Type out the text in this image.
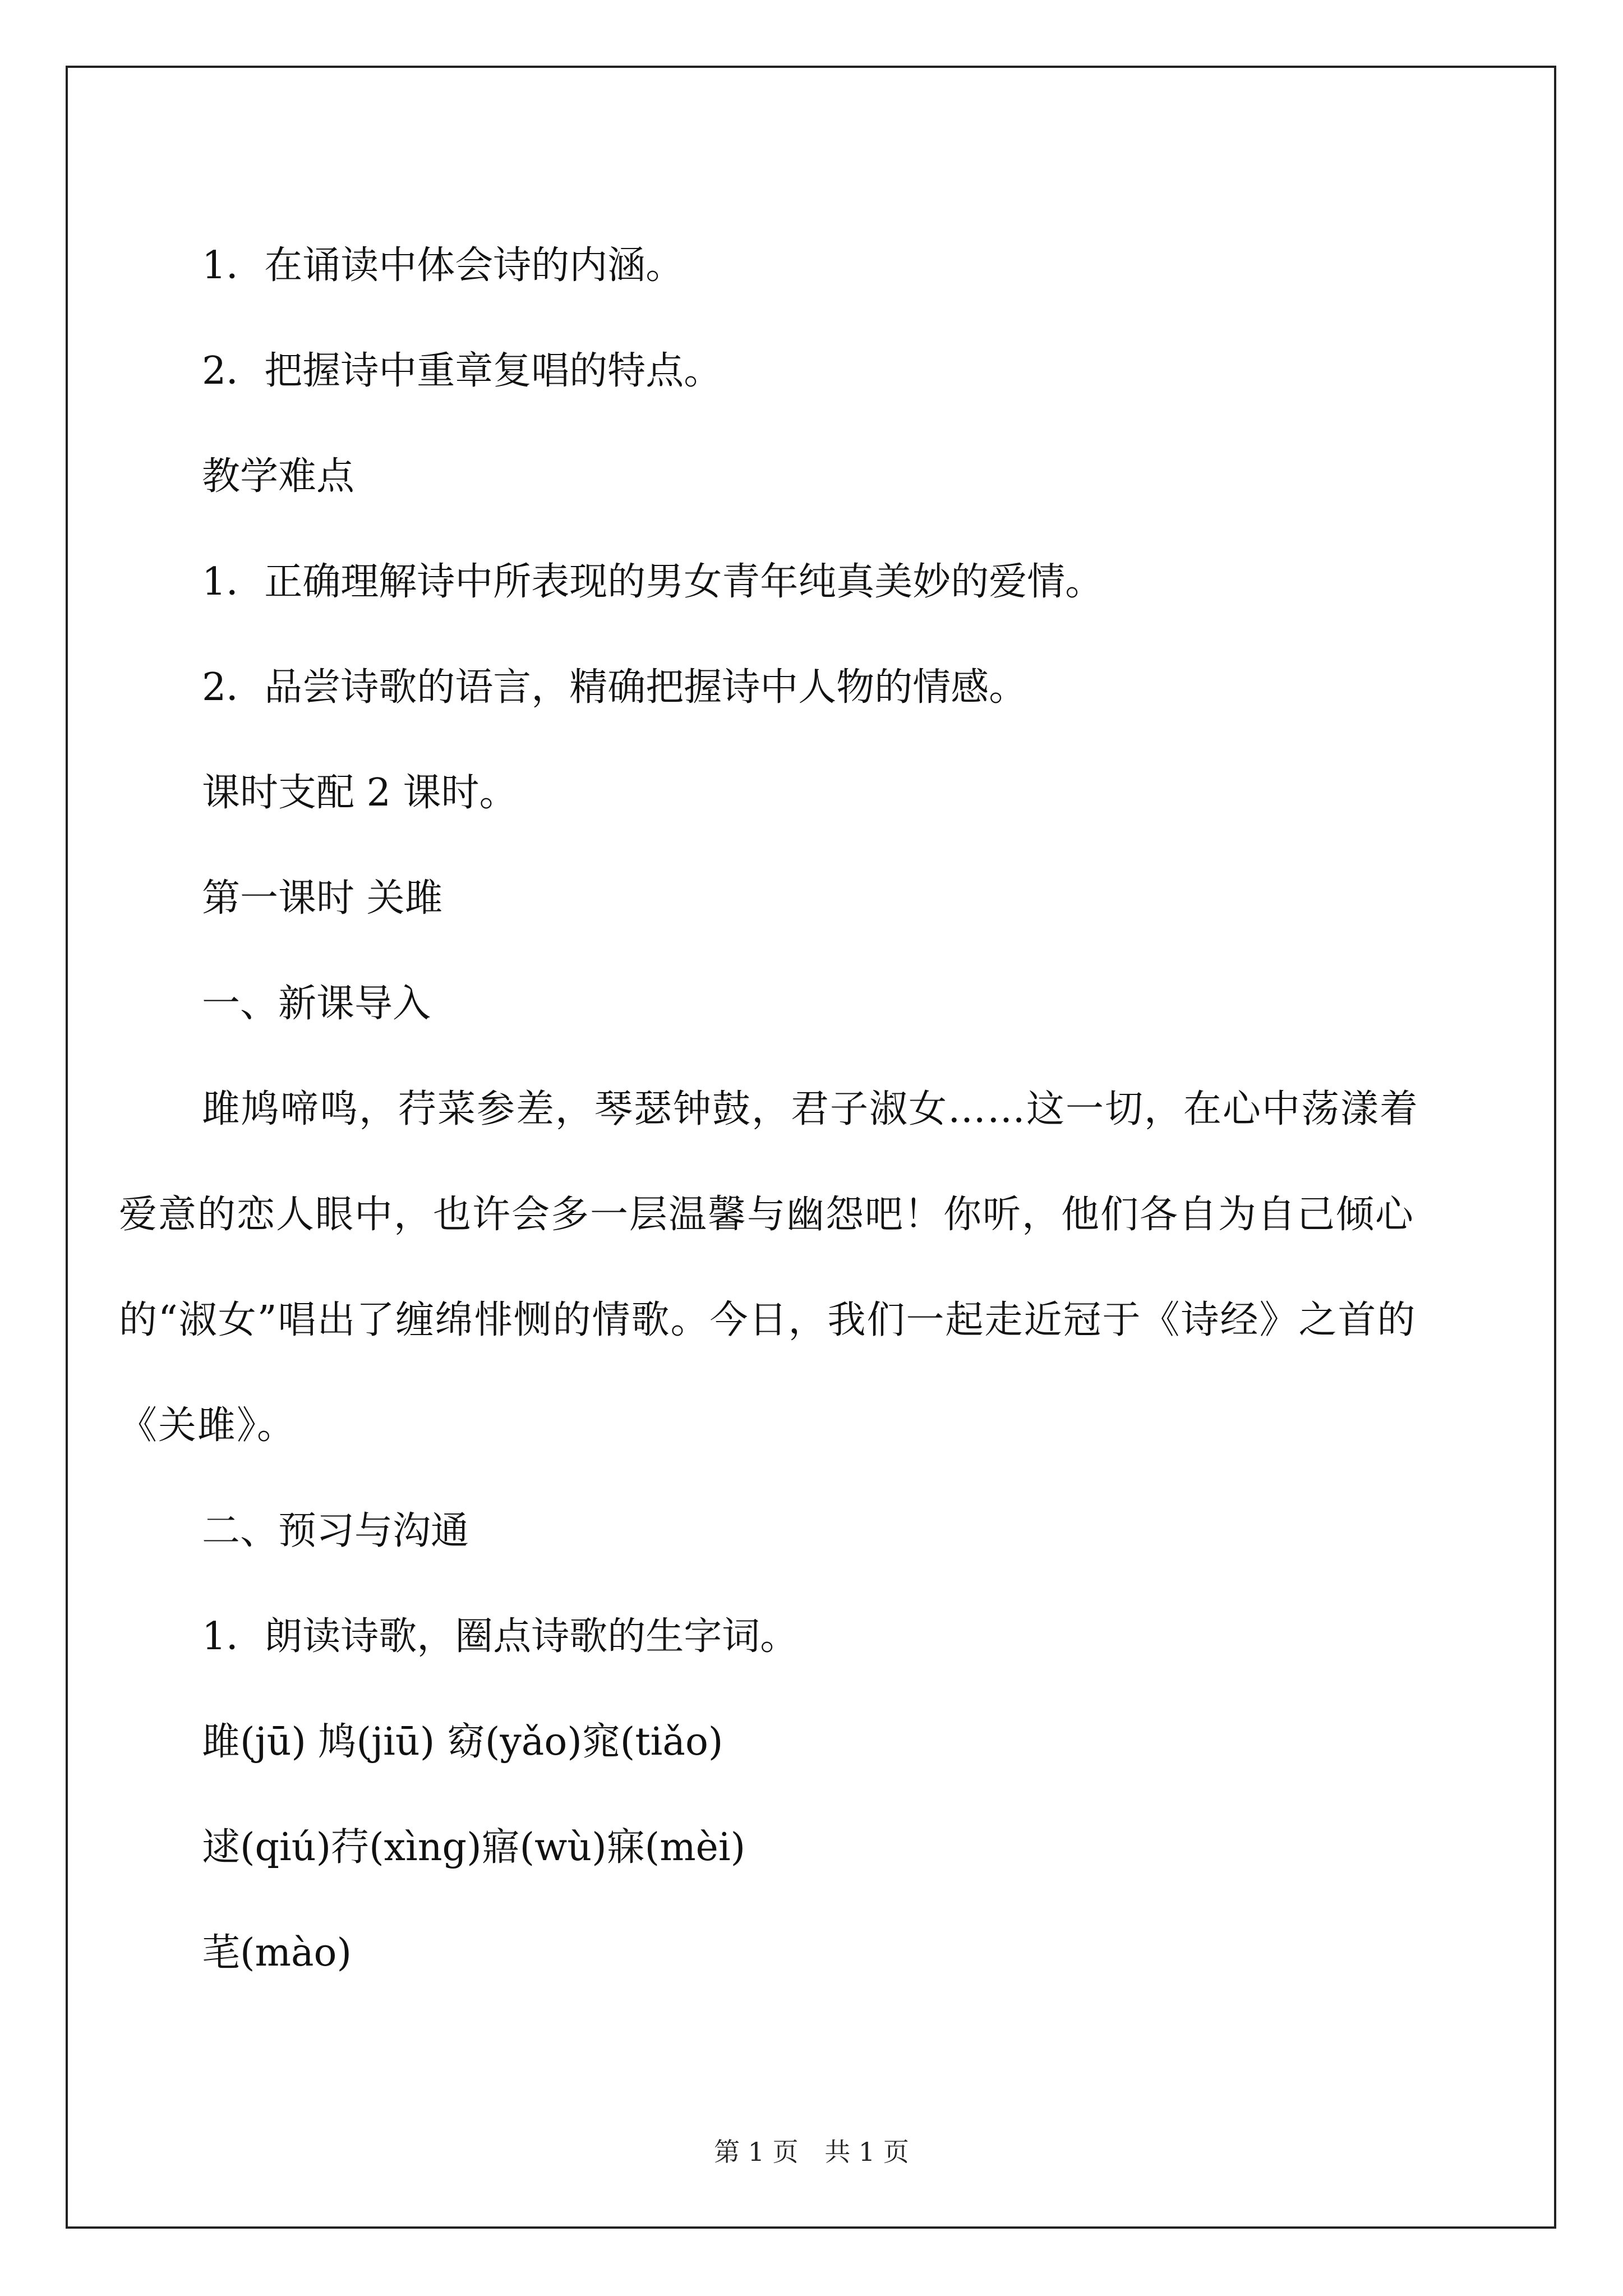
1．在诵读中体会诗的内涵。

2．把握诗中重章复唱的特点。

教学难点

1．正确理解诗中所表现的男女青年纯真美妙的爱情。

2．品尝诗歌的语言，精确把握诗中人物的情感。

课时支配 2 课时。

第一课时 关雎

一、新课导入

雎鸠啼鸣，荇菜参差，琴瑟钟鼓，君子淑女……这一切，在心中荡漾着爱意的恋人眼中，也许会多一层温馨与幽怨吧！你听，他们各自为自己倾心的“淑女”唱出了缠绵悱恻的情歌。今日，我们一起走近冠于《诗经》之首的《关雎》。

二、预习与沟通

1．朗读诗歌，圈点诗歌的生字词。

雎(jū) 鸠(jiū) 窈(yǎo)窕(tiǎo)

逑(qiú)荇(xìng)寤(wù)寐(mèi)

芼(mào)

第 1 页 共 1 页
